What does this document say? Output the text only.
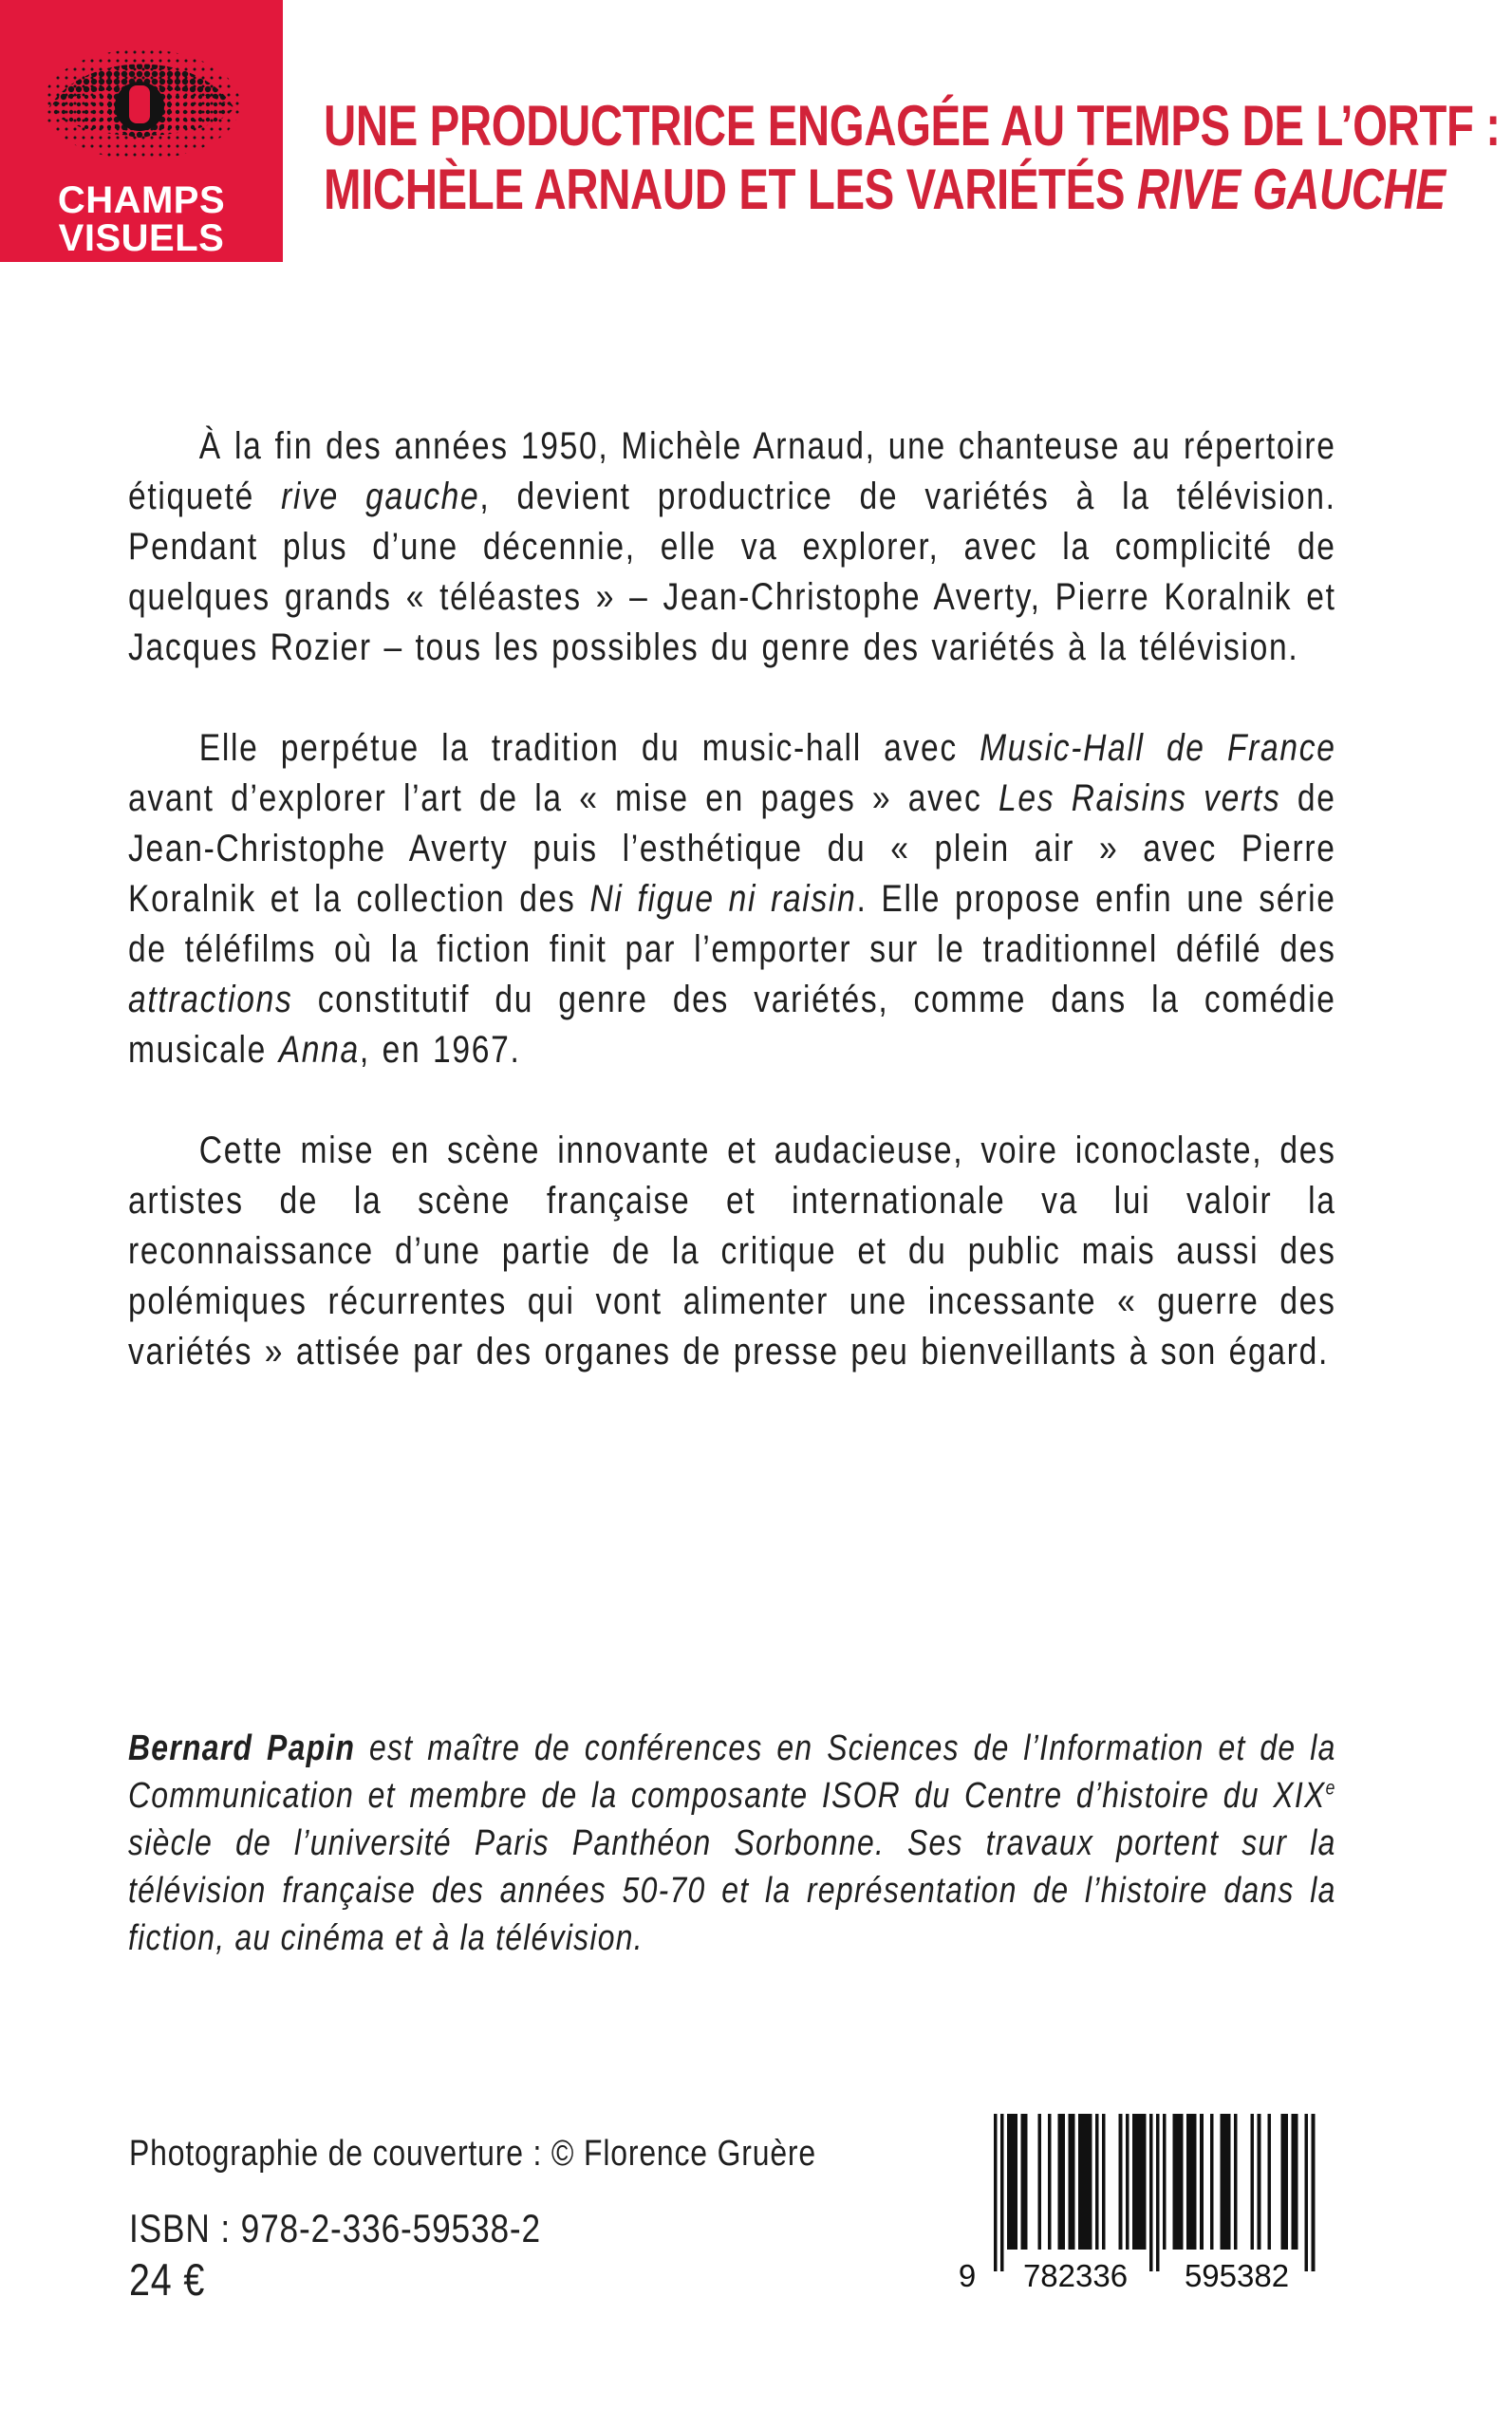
CHAMPS
VISUELS
UNE PRODUCTRICE ENGAGÉE AU TEMPS DE L’ORTF :
MICHÈLE ARNAUD ET LES VARIÉTÉS RIVE GAUCHE

À la fin des années 1950, Michèle Arnaud, une chanteuse au répertoire étiqueté rive gauche, devient productrice de variétés à la télévision. Pendant plus d’une décennie, elle va explorer, avec la complicité de quelques grands « téléastes » – Jean-Christophe Averty, Pierre Koralnik et Jacques Rozier – tous les possibles du genre des variétés à la télévision.

Elle perpétue la tradition du music-hall avec Music-Hall de France avant d’explorer l’art de la « mise en pages » avec Les Raisins verts de Jean-Christophe Averty puis l’esthétique du « plein air » avec Pierre Koralnik et la collection des Ni figue ni raisin. Elle propose enfin une série de téléfilms où la fiction finit par l’emporter sur le traditionnel défilé des attractions constitutif du genre des variétés, comme dans la comédie musicale Anna, en 1967.

Cette mise en scène innovante et audacieuse, voire iconoclaste, des artistes de la scène française et internationale va lui valoir la reconnaissance d’une partie de la critique et du public mais aussi des polémiques récurrentes qui vont alimenter une incessante « guerre des variétés » attisée par des organes de presse peu bienveillants à son égard.

Bernard Papin est maître de conférences en Sciences de l’Information et de la Communication et membre de la composante ISOR du Centre d’histoire du XIXe siècle de l’université Paris Panthéon Sorbonne. Ses travaux portent sur la télévision française des années 50-70 et la représentation de l’histoire dans la fiction, au cinéma et à la télévision.

Photographie de couverture : © Florence Gruère
ISBN : 978-2-336-59538-2
24 €	9 782336 595382
